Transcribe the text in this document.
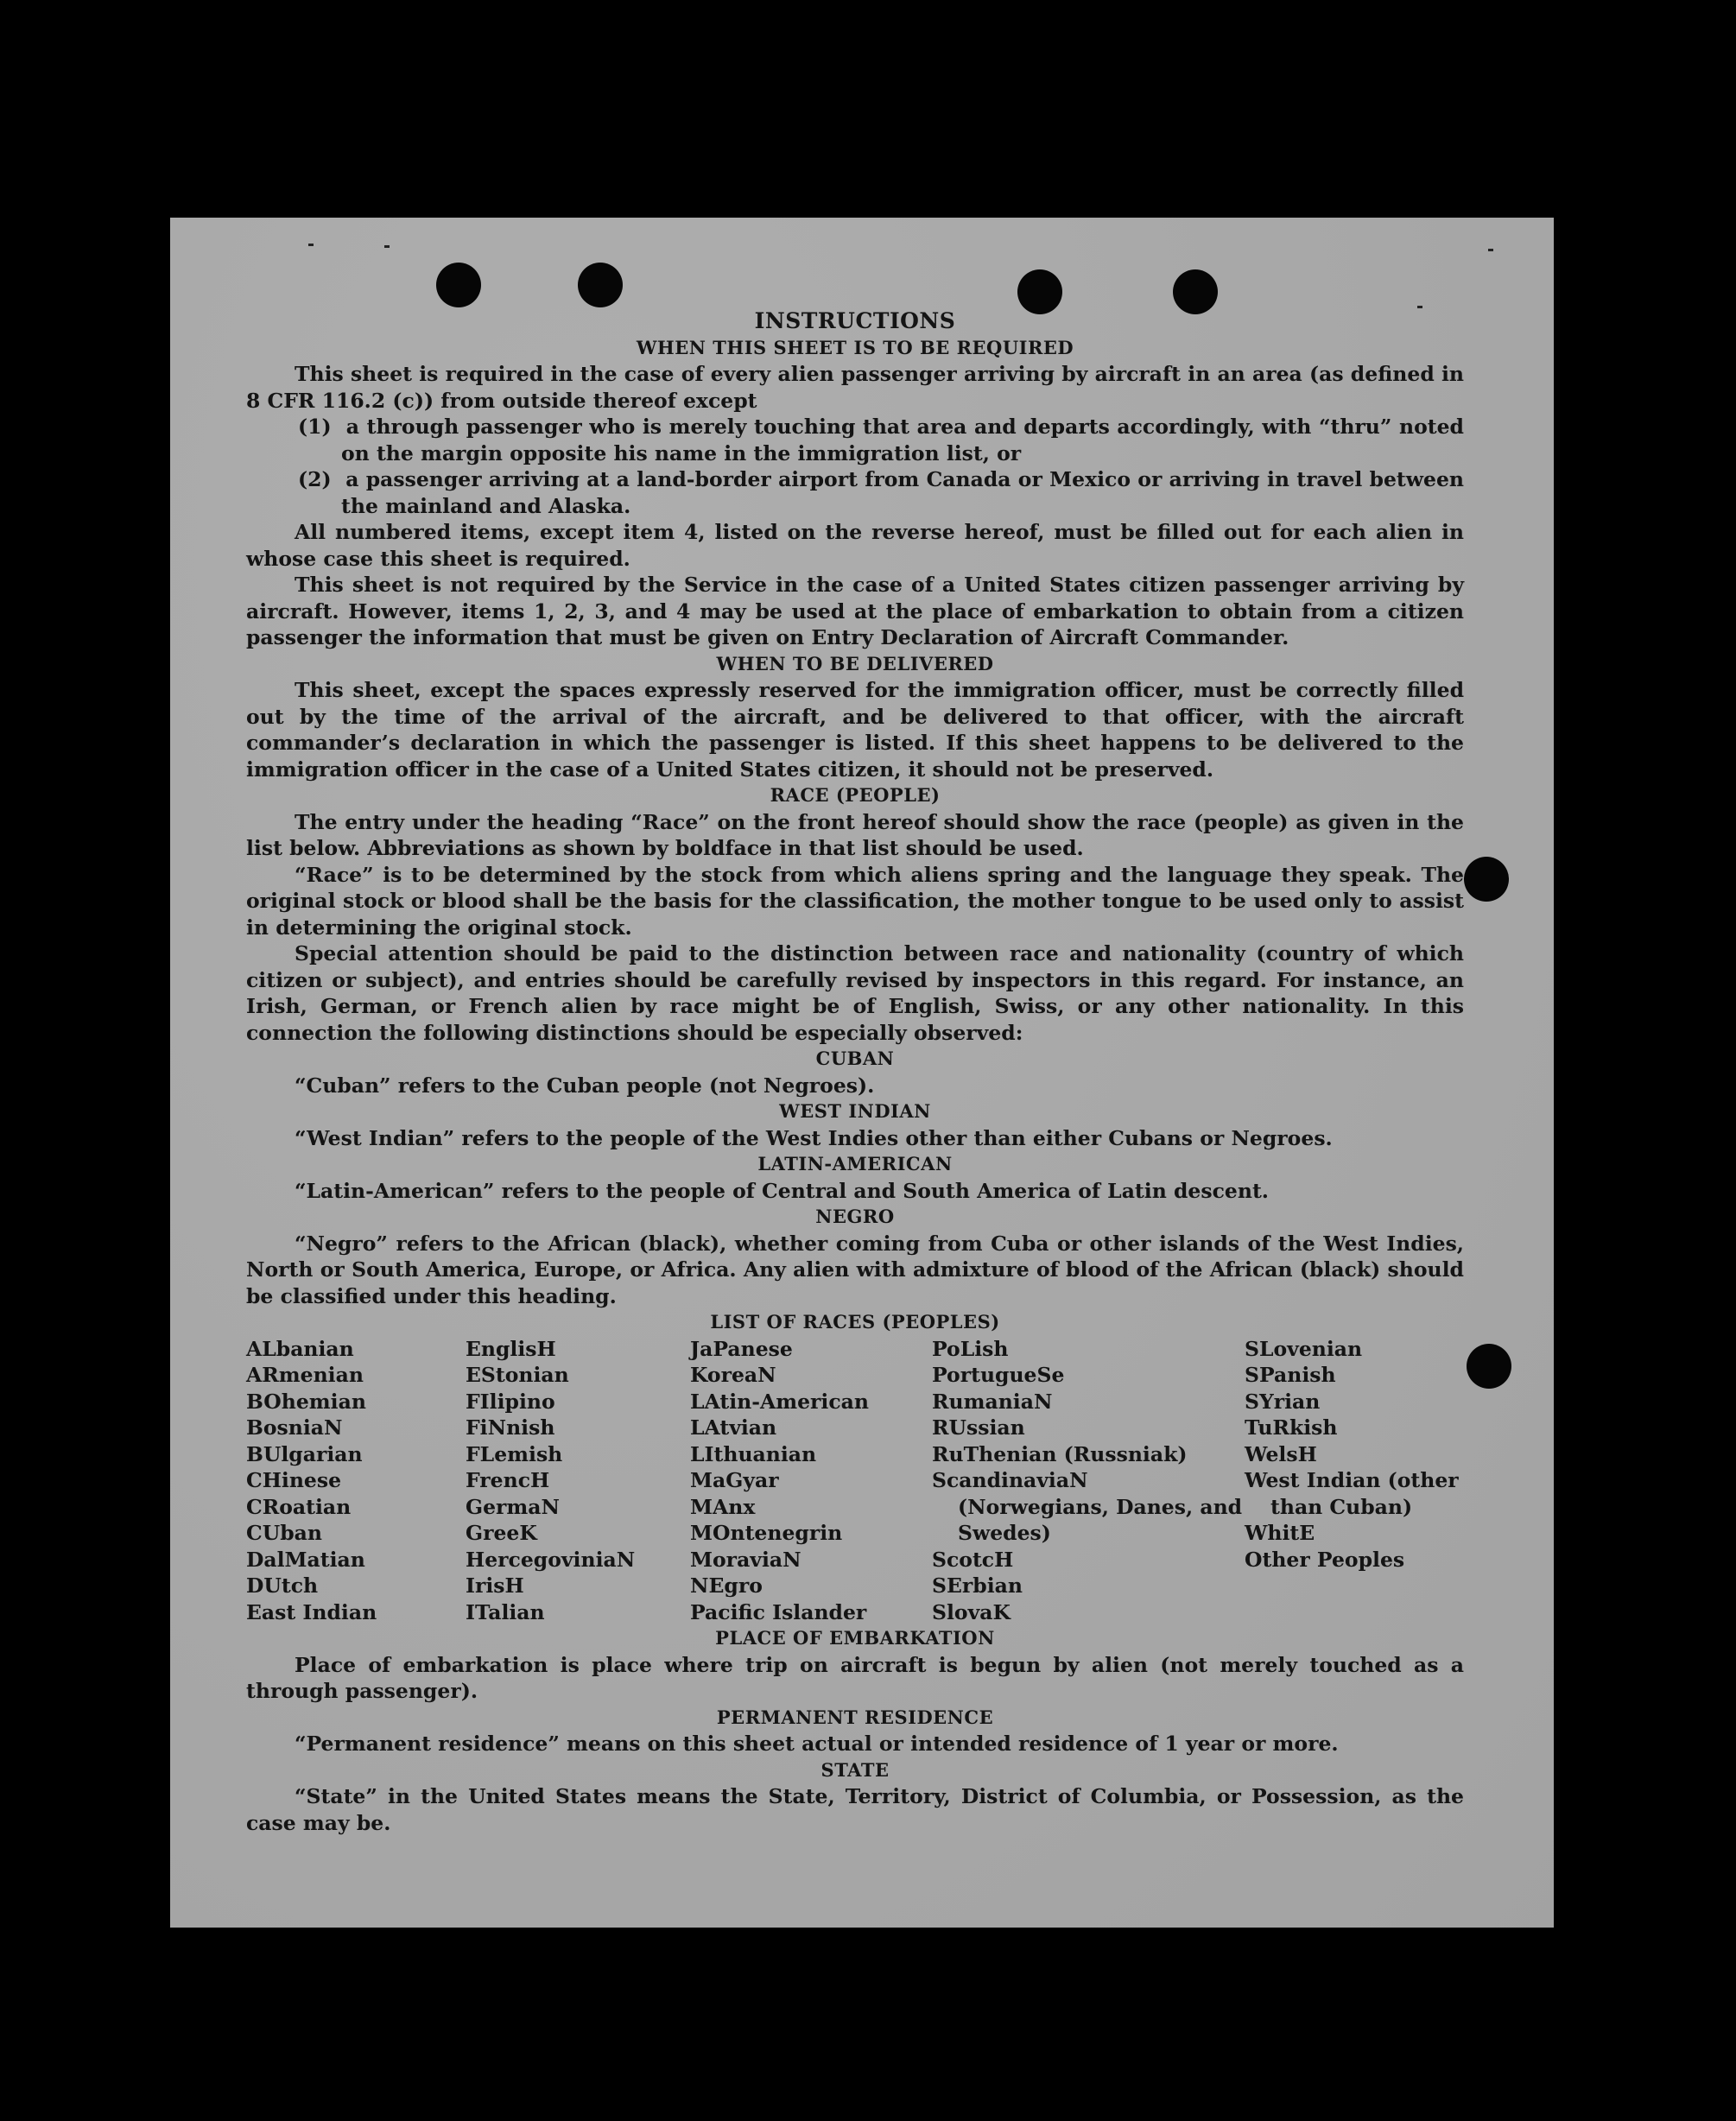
INSTRUCTIONS

WHEN THIS SHEET IS TO BE REQUIRED

This sheet is required in the case of every alien passenger arriving by aircraft in an area (as defined in 8 CFR 116.2 (c)) from outside thereof except

(1) a through passenger who is merely touching that area and departs accordingly, with “thru” noted on the margin opposite his name in the immigration list, or

(2) a passenger arriving at a land-border airport from Canada or Mexico or arriving in travel between the mainland and Alaska.

All numbered items, except item 4, listed on the reverse hereof, must be filled out for each alien in whose case this sheet is required.

This sheet is not required by the Service in the case of a United States citizen passenger arriving by aircraft. However, items 1, 2, 3, and 4 may be used at the place of embarkation to obtain from a citizen passenger the information that must be given on Entry Declaration of Aircraft Commander.

WHEN TO BE DELIVERED

This sheet, except the spaces expressly reserved for the immigration officer, must be correctly filled out by the time of the arrival of the aircraft, and be delivered to that officer, with the aircraft commander’s declaration in which the passenger is listed. If this sheet happens to be delivered to the immigration officer in the case of a United States citizen, it should not be preserved.

RACE (PEOPLE)

The entry under the heading “Race” on the front hereof should show the race (people) as given in the list below. Abbreviations as shown by boldface in that list should be used.

“Race” is to be determined by the stock from which aliens spring and the language they speak. The original stock or blood shall be the basis for the classification, the mother tongue to be used only to assist in determining the original stock.

Special attention should be paid to the distinction between race and nationality (country of which citizen or subject), and entries should be carefully revised by inspectors in this regard. For instance, an Irish, German, or French alien by race might be of English, Swiss, or any other nationality. In this connection the following distinctions should be especially observed:

CUBAN

“Cuban” refers to the Cuban people (not Negroes).

WEST INDIAN

“West Indian” refers to the people of the West Indies other than either Cubans or Negroes.

LATIN-AMERICAN

“Latin-American” refers to the people of Central and South America of Latin descent.

NEGRO

“Negro” refers to the African (black), whether coming from Cuba or other islands of the West Indies, North or South America, Europe, or Africa. Any alien with admixture of blood of the African (black) should be classified under this heading.

LIST OF RACES (PEOPLES)

ALbanian
ARmenian
BOhemian
BosniaN
BUlgarian
CHinese
CRoatian
CUban
DalMatian
DUtch
East Indian
EnglisH
EStonian
FIlipino
FiNnish
FLemish
FrencH
GermaN
GreeK
HercegoviniaN
IrisH
ITalian
JaPanese
KoreaN
LAtin-American
LAtvian
LIthuanian
MaGyar
MAnx
MOntenegrin
MoraviaN
NEgro
Pacific Islander
PoLish
PortugueSe
RumaniaN
RUssian
RuThenian (Russniak)
ScandinaviaN (Norwegians, Danes, and Swedes)
ScotcH
SErbian
SlovaK
SLovenian
SPanish
SYrian
TuRkish
WelsH
West Indian (other than Cuban)
WhitE
Other Peoples

PLACE OF EMBARKATION

Place of embarkation is place where trip on aircraft is begun by alien (not merely touched as a through passenger).

PERMANENT RESIDENCE

“Permanent residence” means on this sheet actual or intended residence of 1 year or more.

STATE

“State” in the United States means the State, Territory, District of Columbia, or Possession, as the case may be.
